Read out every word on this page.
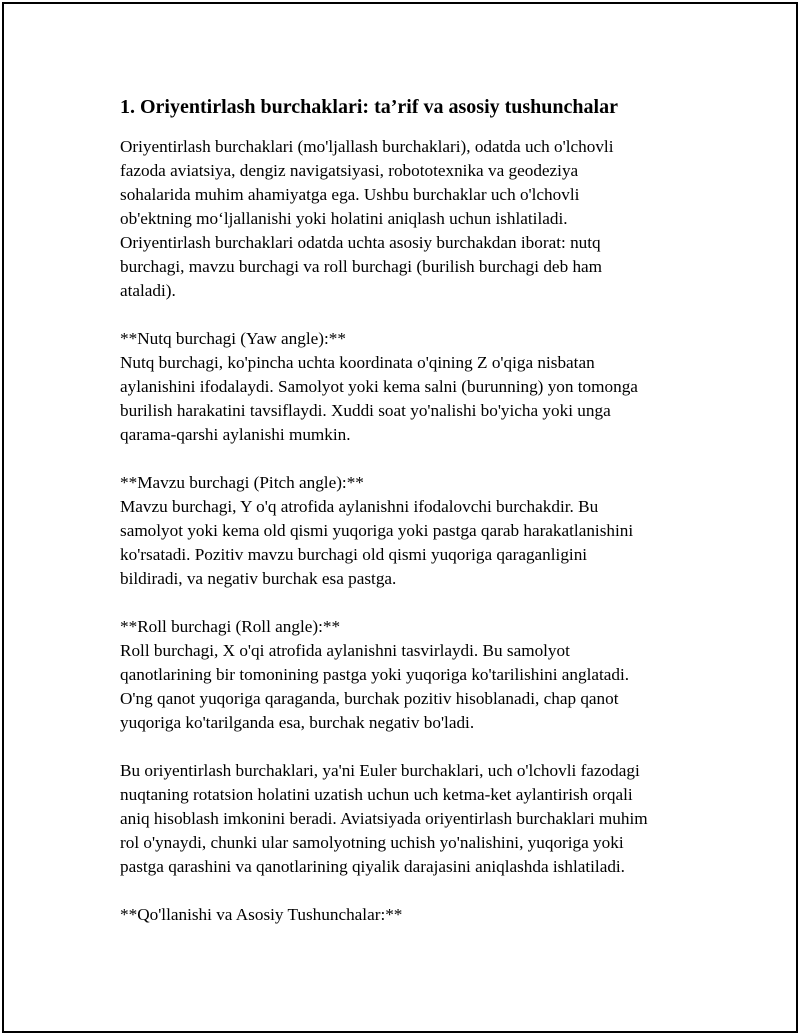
1. Oriyentirlash burchaklari: ta’rif va asosiy tushunchalar
Oriyentirlash burchaklari (mo'ljallash burchaklari), odatda uch o'lchovli
fazoda aviatsiya, dengiz navigatsiyasi, robototexnika va geodeziya
sohalarida muhim ahamiyatga ega. Ushbu burchaklar uch o'lchovli
ob'ektning mo‘ljallanishi yoki holatini aniqlash uchun ishlatiladi.
Oriyentirlash burchaklari odatda uchta asosiy burchakdan iborat: nutq
burchagi, mavzu burchagi va roll burchagi (burilish burchagi deb ham
ataladi).
**Nutq burchagi (Yaw angle):**
Nutq burchagi, ko'pincha uchta koordinata o'qining Z o'qiga nisbatan
aylanishini ifodalaydi. Samolyot yoki kema salni (burunning) yon tomonga
burilish harakatini tavsiflaydi. Xuddi soat yo'nalishi bo'yicha yoki unga
qarama-qarshi aylanishi mumkin.
**Mavzu burchagi (Pitch angle):**
Mavzu burchagi, Y o'q atrofida aylanishni ifodalovchi burchakdir. Bu
samolyot yoki kema old qismi yuqoriga yoki pastga qarab harakatlanishini
ko'rsatadi. Pozitiv mavzu burchagi old qismi yuqoriga qaraganligini
bildiradi, va negativ burchak esa pastga.
**Roll burchagi (Roll angle):**
Roll burchagi, X o'qi atrofida aylanishni tasvirlaydi. Bu samolyot
qanotlarining bir tomonining pastga yoki yuqoriga ko'tarilishini anglatadi.
O'ng qanot yuqoriga qaraganda, burchak pozitiv hisoblanadi, chap qanot
yuqoriga ko'tarilganda esa, burchak negativ bo'ladi.
Bu oriyentirlash burchaklari, ya'ni Euler burchaklari, uch o'lchovli fazodagi
nuqtaning rotatsion holatini uzatish uchun uch ketma-ket aylantirish orqali
aniq hisoblash imkonini beradi. Aviatsiyada oriyentirlash burchaklari muhim
rol o'ynaydi, chunki ular samolyotning uchish yo'nalishini, yuqoriga yoki
pastga qarashini va qanotlarining qiyalik darajasini aniqlashda ishlatiladi.
**Qo'llanishi va Asosiy Tushunchalar:**
